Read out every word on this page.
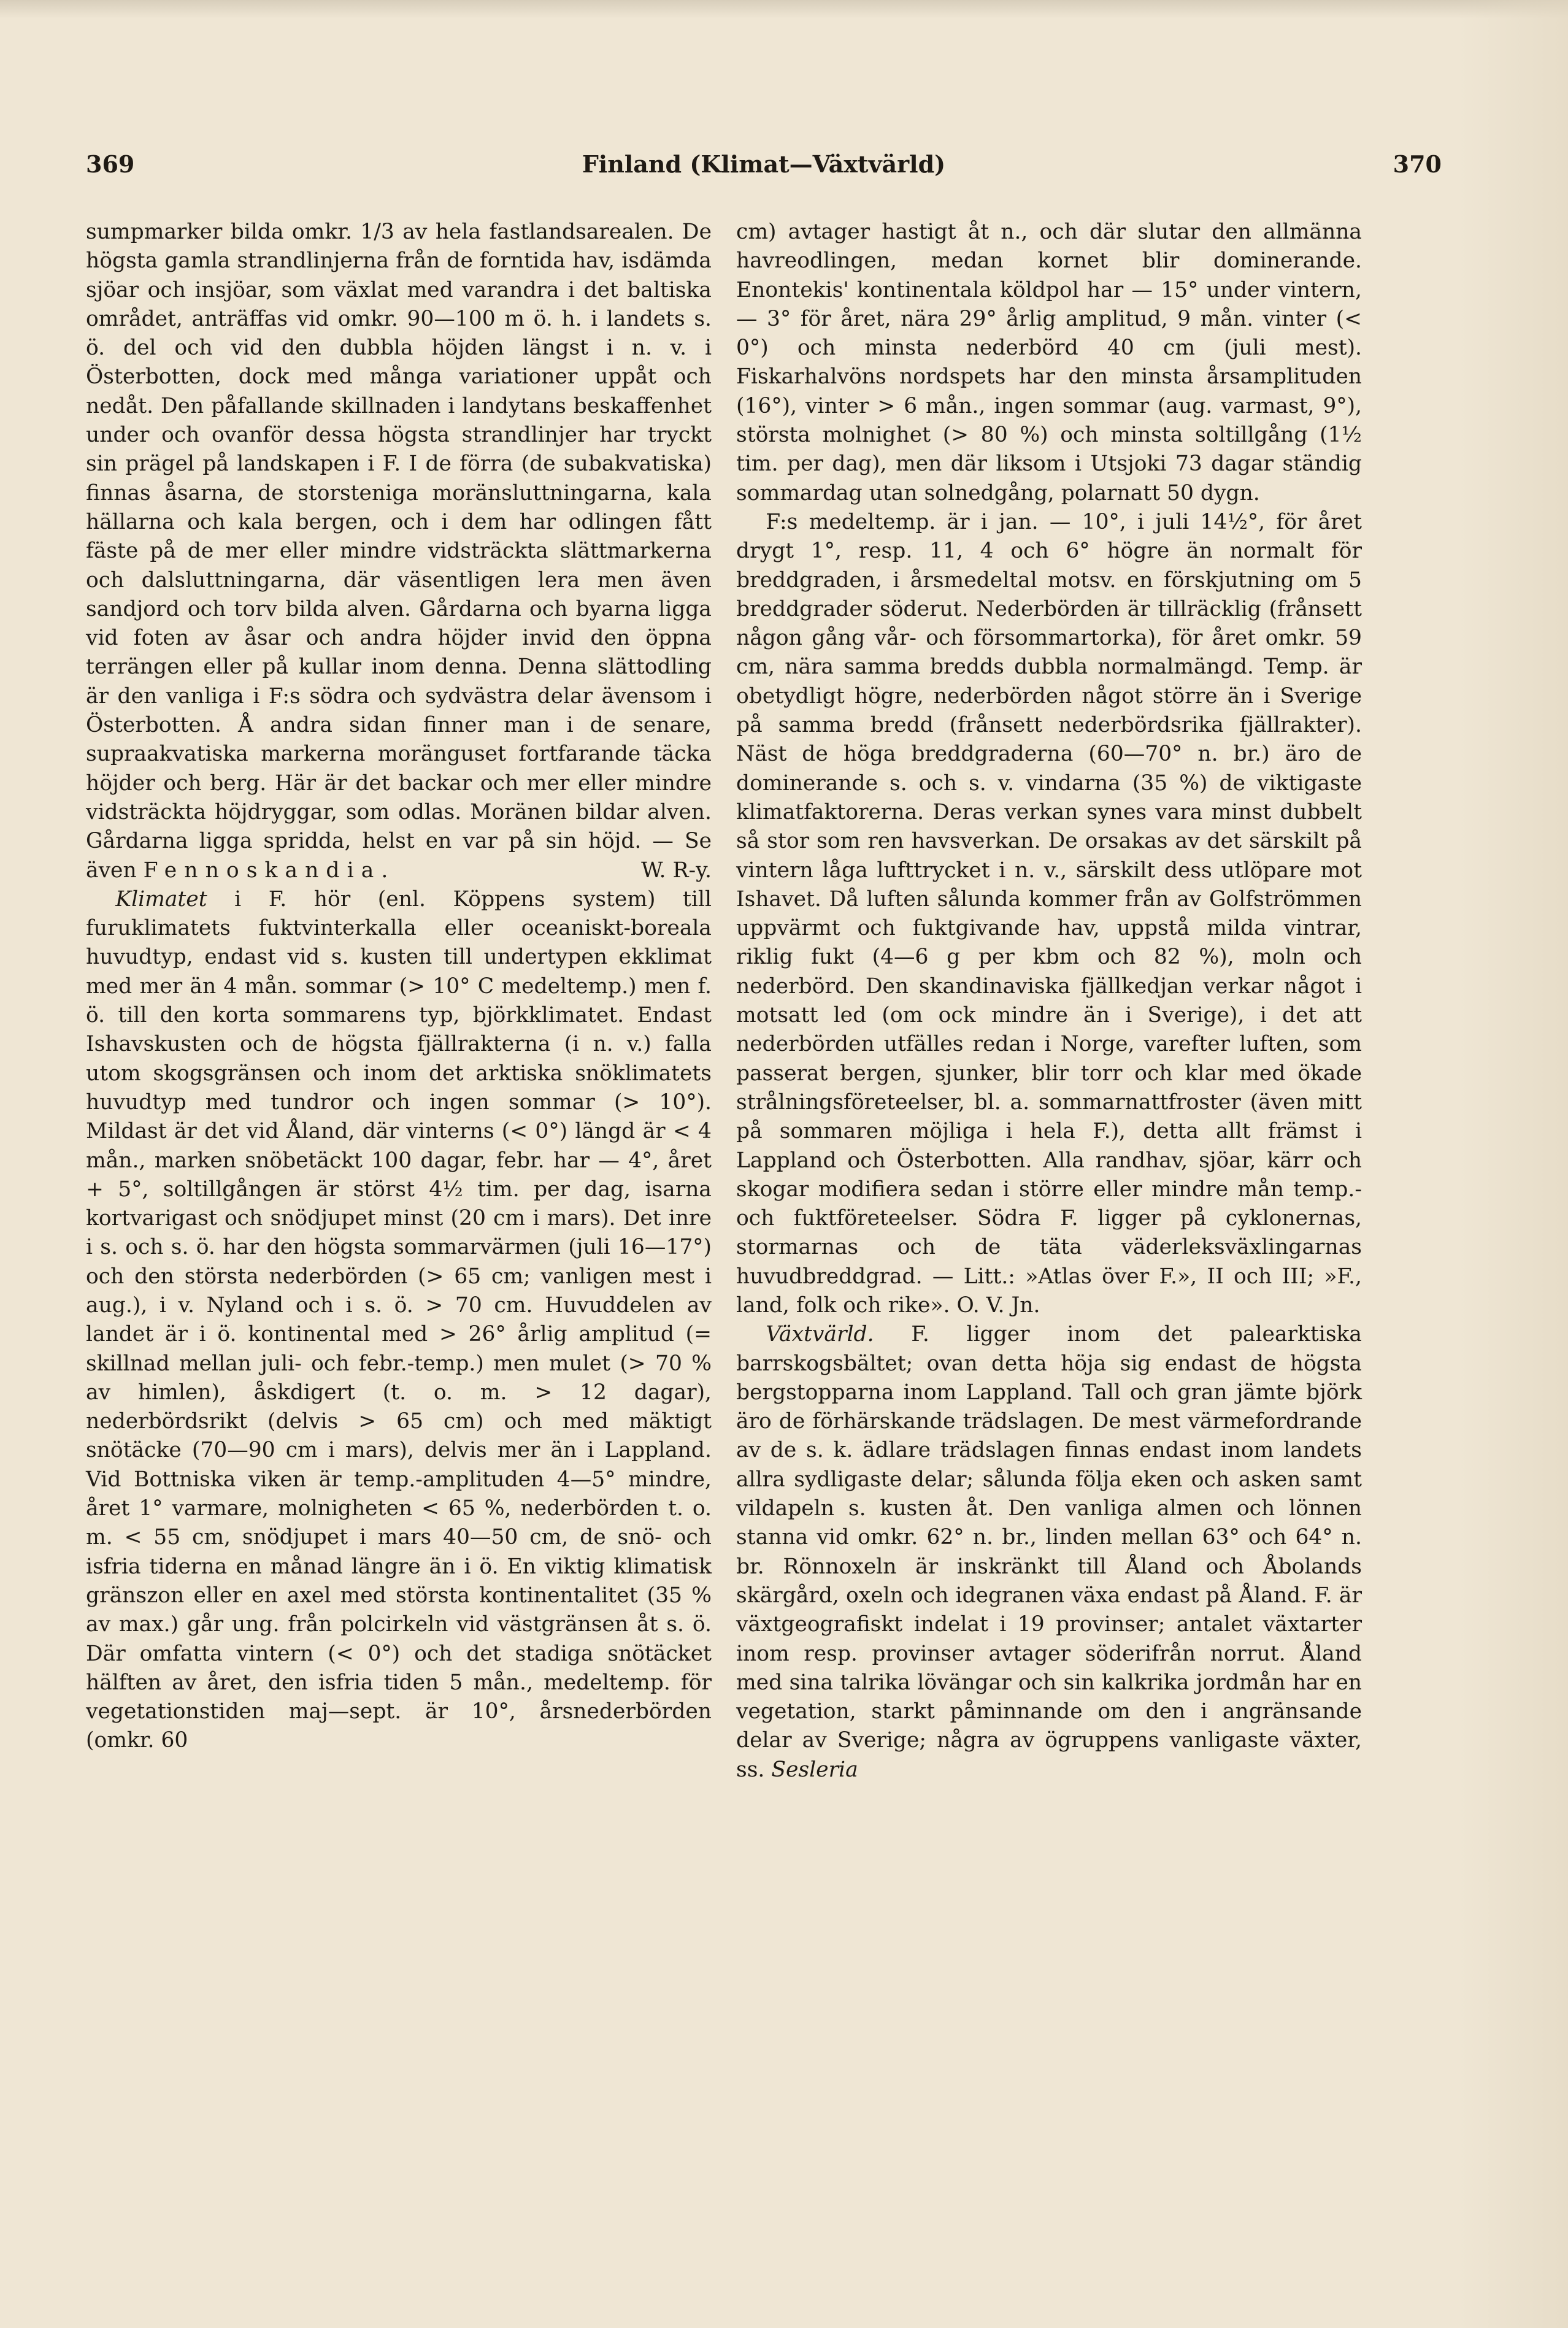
369	Finland (Klimat—Växtvärld)	370

sumpmarker bilda omkr. 1/3 av hela fastlandsarealen. De högsta gamla strandlinjerna från de forntida hav, isdämda sjöar och insjöar, som växlat med varandra i det baltiska området, anträffas vid omkr. 90—100 m ö. h. i landets s. ö. del och vid den dubbla höjden längst i n. v. i Österbotten, dock med många variationer uppåt och nedåt. Den påfallande skillnaden i landytans beskaffenhet under och ovanför dessa högsta strandlinjer har tryckt sin prägel på landskapen i F. I de förra (de subakvatiska) finnas åsarna, de storsteniga moränsluttningarna, kala hällarna och kala bergen, och i dem har odlingen fått fäste på de mer eller mindre vidsträckta slättmarkerna och dalsluttningarna, där väsentligen lera men även sandjord och torv bilda alven. Gårdarna och byarna ligga vid foten av åsar och andra höjder invid den öppna terrängen eller på kullar inom denna. Denna slättodling är den vanliga i F:s södra och sydvästra delar ävensom i Österbotten. Å andra sidan finner man i de senare, supraakvatiska markerna moränguset fortfarande täcka höjder och berg. Här är det backar och mer eller mindre vidsträckta höjdryggar, som odlas. Moränen bildar alven. Gårdarna ligga spridda, helst en var på sin höjd. — Se även Fennoskandia.	W. R-y.

Klimatet i F. hör (enl. Köppens system) till furuklimatets fuktvinterkalla eller oceaniskt-boreala huvudtyp, endast vid s. kusten till undertypen ekklimat med mer än 4 mån. sommar (> 10° C medeltemp.) men f. ö. till den korta sommarens typ, björkklimatet. Endast Ishavskusten och de högsta fjällrakterna (i n. v.) falla utom skogsgränsen och inom det arktiska snöklimatets huvudtyp med tundror och ingen sommar (> 10°). Mildast är det vid Åland, där vinterns (< 0°) längd är < 4 mån., marken snöbetäckt 100 dagar, febr. har — 4°, året + 5°, soltillgången är störst 4½ tim. per dag, isarna kortvarigast och snödjupet minst (20 cm i mars). Det inre i s. och s. ö. har den högsta sommarvärmen (juli 16—17°) och den största nederbörden (> 65 cm; vanligen mest i aug.), i v. Nyland och i s. ö. > 70 cm. Huvuddelen av landet är i ö. kontinental med > 26° årlig amplitud (= skillnad mellan juli- och febr.-temp.) men mulet (> 70 % av himlen), åskdigert (t. o. m. > 12 dagar), nederbördsrikt (delvis > 65 cm) och med mäktigt snötäcke (70—90 cm i mars), delvis mer än i Lappland. Vid Bottniska viken är temp.-amplituden 4—5° mindre, året 1° varmare, molnigheten < 65 %, nederbörden t. o. m. < 55 cm, snödjupet i mars 40—50 cm, de snö- och isfria tiderna en månad längre än i ö. En viktig klimatisk gränszon eller en axel med största kontinentalitet (35 % av max.) går ung. från polcirkeln vid västgränsen åt s. ö. Där omfatta vintern (< 0°) och det stadiga snötäcket hälften av året, den isfria tiden 5 mån., medeltemp. för vegetationstiden maj—sept. är 10°, årsnederbörden (omkr. 60

cm) avtager hastigt åt n., och där slutar den allmänna havreodlingen, medan kornet blir dominerande. Enontekis' kontinentala köldpol har — 15° under vintern, — 3° för året, nära 29° årlig amplitud, 9 mån. vinter (< 0°) och minsta nederbörd 40 cm (juli mest). Fiskarhalvöns nordspets har den minsta årsamplituden (16°), vinter > 6 mån., ingen sommar (aug. varmast, 9°), största molnighet (> 80 %) och minsta soltillgång (1½ tim. per dag), men där liksom i Utsjoki 73 dagar ständig sommardag utan solnedgång, polarnatt 50 dygn.

F:s medeltemp. är i jan. — 10°, i juli 14½°, för året drygt 1°, resp. 11, 4 och 6° högre än normalt för breddgraden, i årsmedeltal motsv. en förskjutning om 5 breddgrader söderut. Nederbörden är tillräcklig (frånsett någon gång vår- och försommartorka), för året omkr. 59 cm, nära samma bredds dubbla normalmängd. Temp. är obetydligt högre, nederbörden något större än i Sverige på samma bredd (frånsett nederbördsrika fjällrakter). Näst de höga breddgraderna (60—70° n. br.) äro de dominerande s. och s. v. vindarna (35 %) de viktigaste klimatfaktorerna. Deras verkan synes vara minst dubbelt så stor som ren havsverkan. De orsakas av det särskilt på vintern låga lufttrycket i n. v., särskilt dess utlöpare mot Ishavet. Då luften sålunda kommer från av Golfströmmen uppvärmt och fuktgivande hav, uppstå milda vintrar, riklig fukt (4—6 g per kbm och 82 %), moln och nederbörd. Den skandinaviska fjällkedjan verkar något i motsatt led (om ock mindre än i Sverige), i det att nederbörden utfälles redan i Norge, varefter luften, som passerat bergen, sjunker, blir torr och klar med ökade strålningsföreteelser, bl. a. sommarnattfroster (även mitt på sommaren möjliga i hela F.), detta allt främst i Lappland och Österbotten. Alla randhav, sjöar, kärr och skogar modifiera sedan i större eller mindre mån temp.- och fuktföreteelser. Södra F. ligger på cyklonernas, stormarnas och de täta väderleksväxlingarnas huvudbreddgrad. — Litt.: »Atlas över F.», II och III; »F., land, folk och rike». O. V. Jn.

Växtvärld. F. ligger inom det palearktiska barrskogsbältet; ovan detta höja sig endast de högsta bergstopparna inom Lappland. Tall och gran jämte björk äro de förhärskande trädslagen. De mest värmefordrande av de s. k. ädlare trädslagen finnas endast inom landets allra sydligaste delar; sålunda följa eken och asken samt vildapeln s. kusten åt. Den vanliga almen och lönnen stanna vid omkr. 62° n. br., linden mellan 63° och 64° n. br. Rönnoxeln är inskränkt till Åland och Åbolands skärgård, oxeln och idegranen växa endast på Åland. F. är växtgeografiskt indelat i 19 provinser; antalet växtarter inom resp. provinser avtager söderifrån norrut. Åland med sina talrika lövängar och sin kalkrika jordmån har en vegetation, starkt påminnande om den i angränsande delar av Sverige; några av ögruppens vanligaste växter, ss. Sesleria
